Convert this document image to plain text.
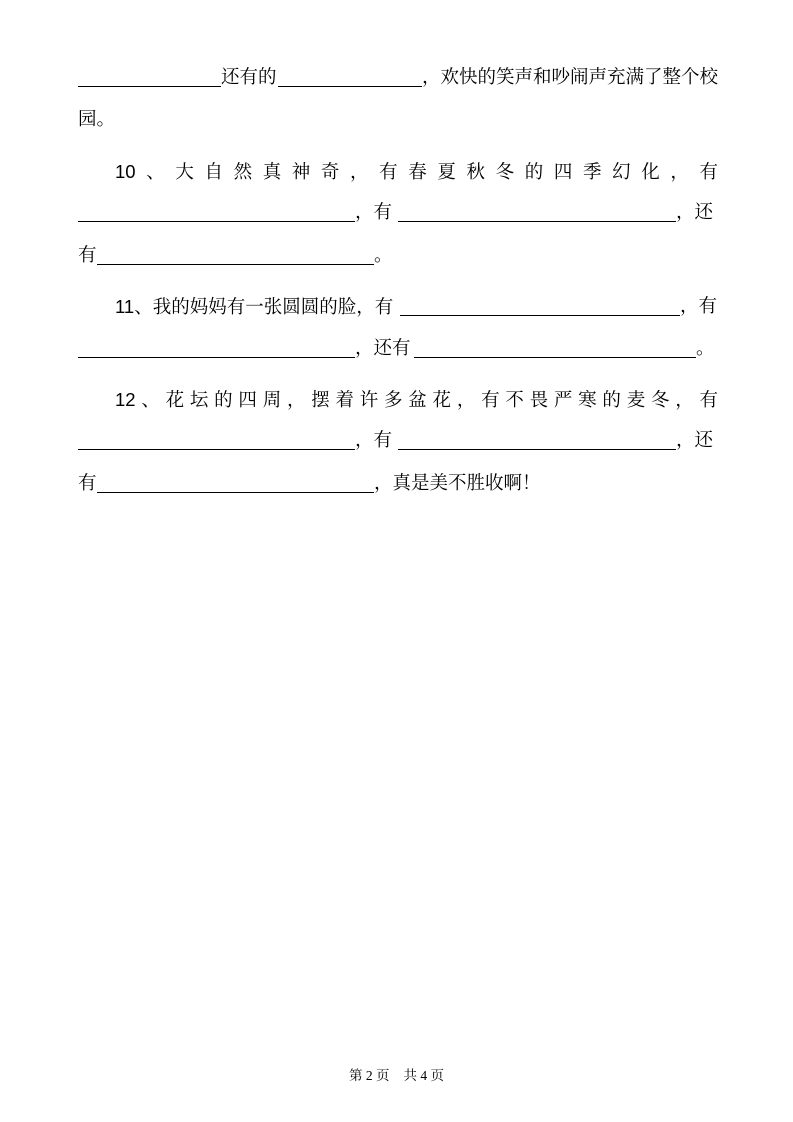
还有的	，欢快的笑声和吵闹声充满了整个校
园。
10、大自然真神奇，有春夏秋冬的四季幻化，有
，有	，还
有	。
11、我的妈妈有一张圆圆的脸，有	，有
，还有	。
12、花坛的四周，摆着许多盆花，有不畏严寒的麦冬，有
，有	，还
有	，真是美不胜收啊！
第 2 页 共 4 页
